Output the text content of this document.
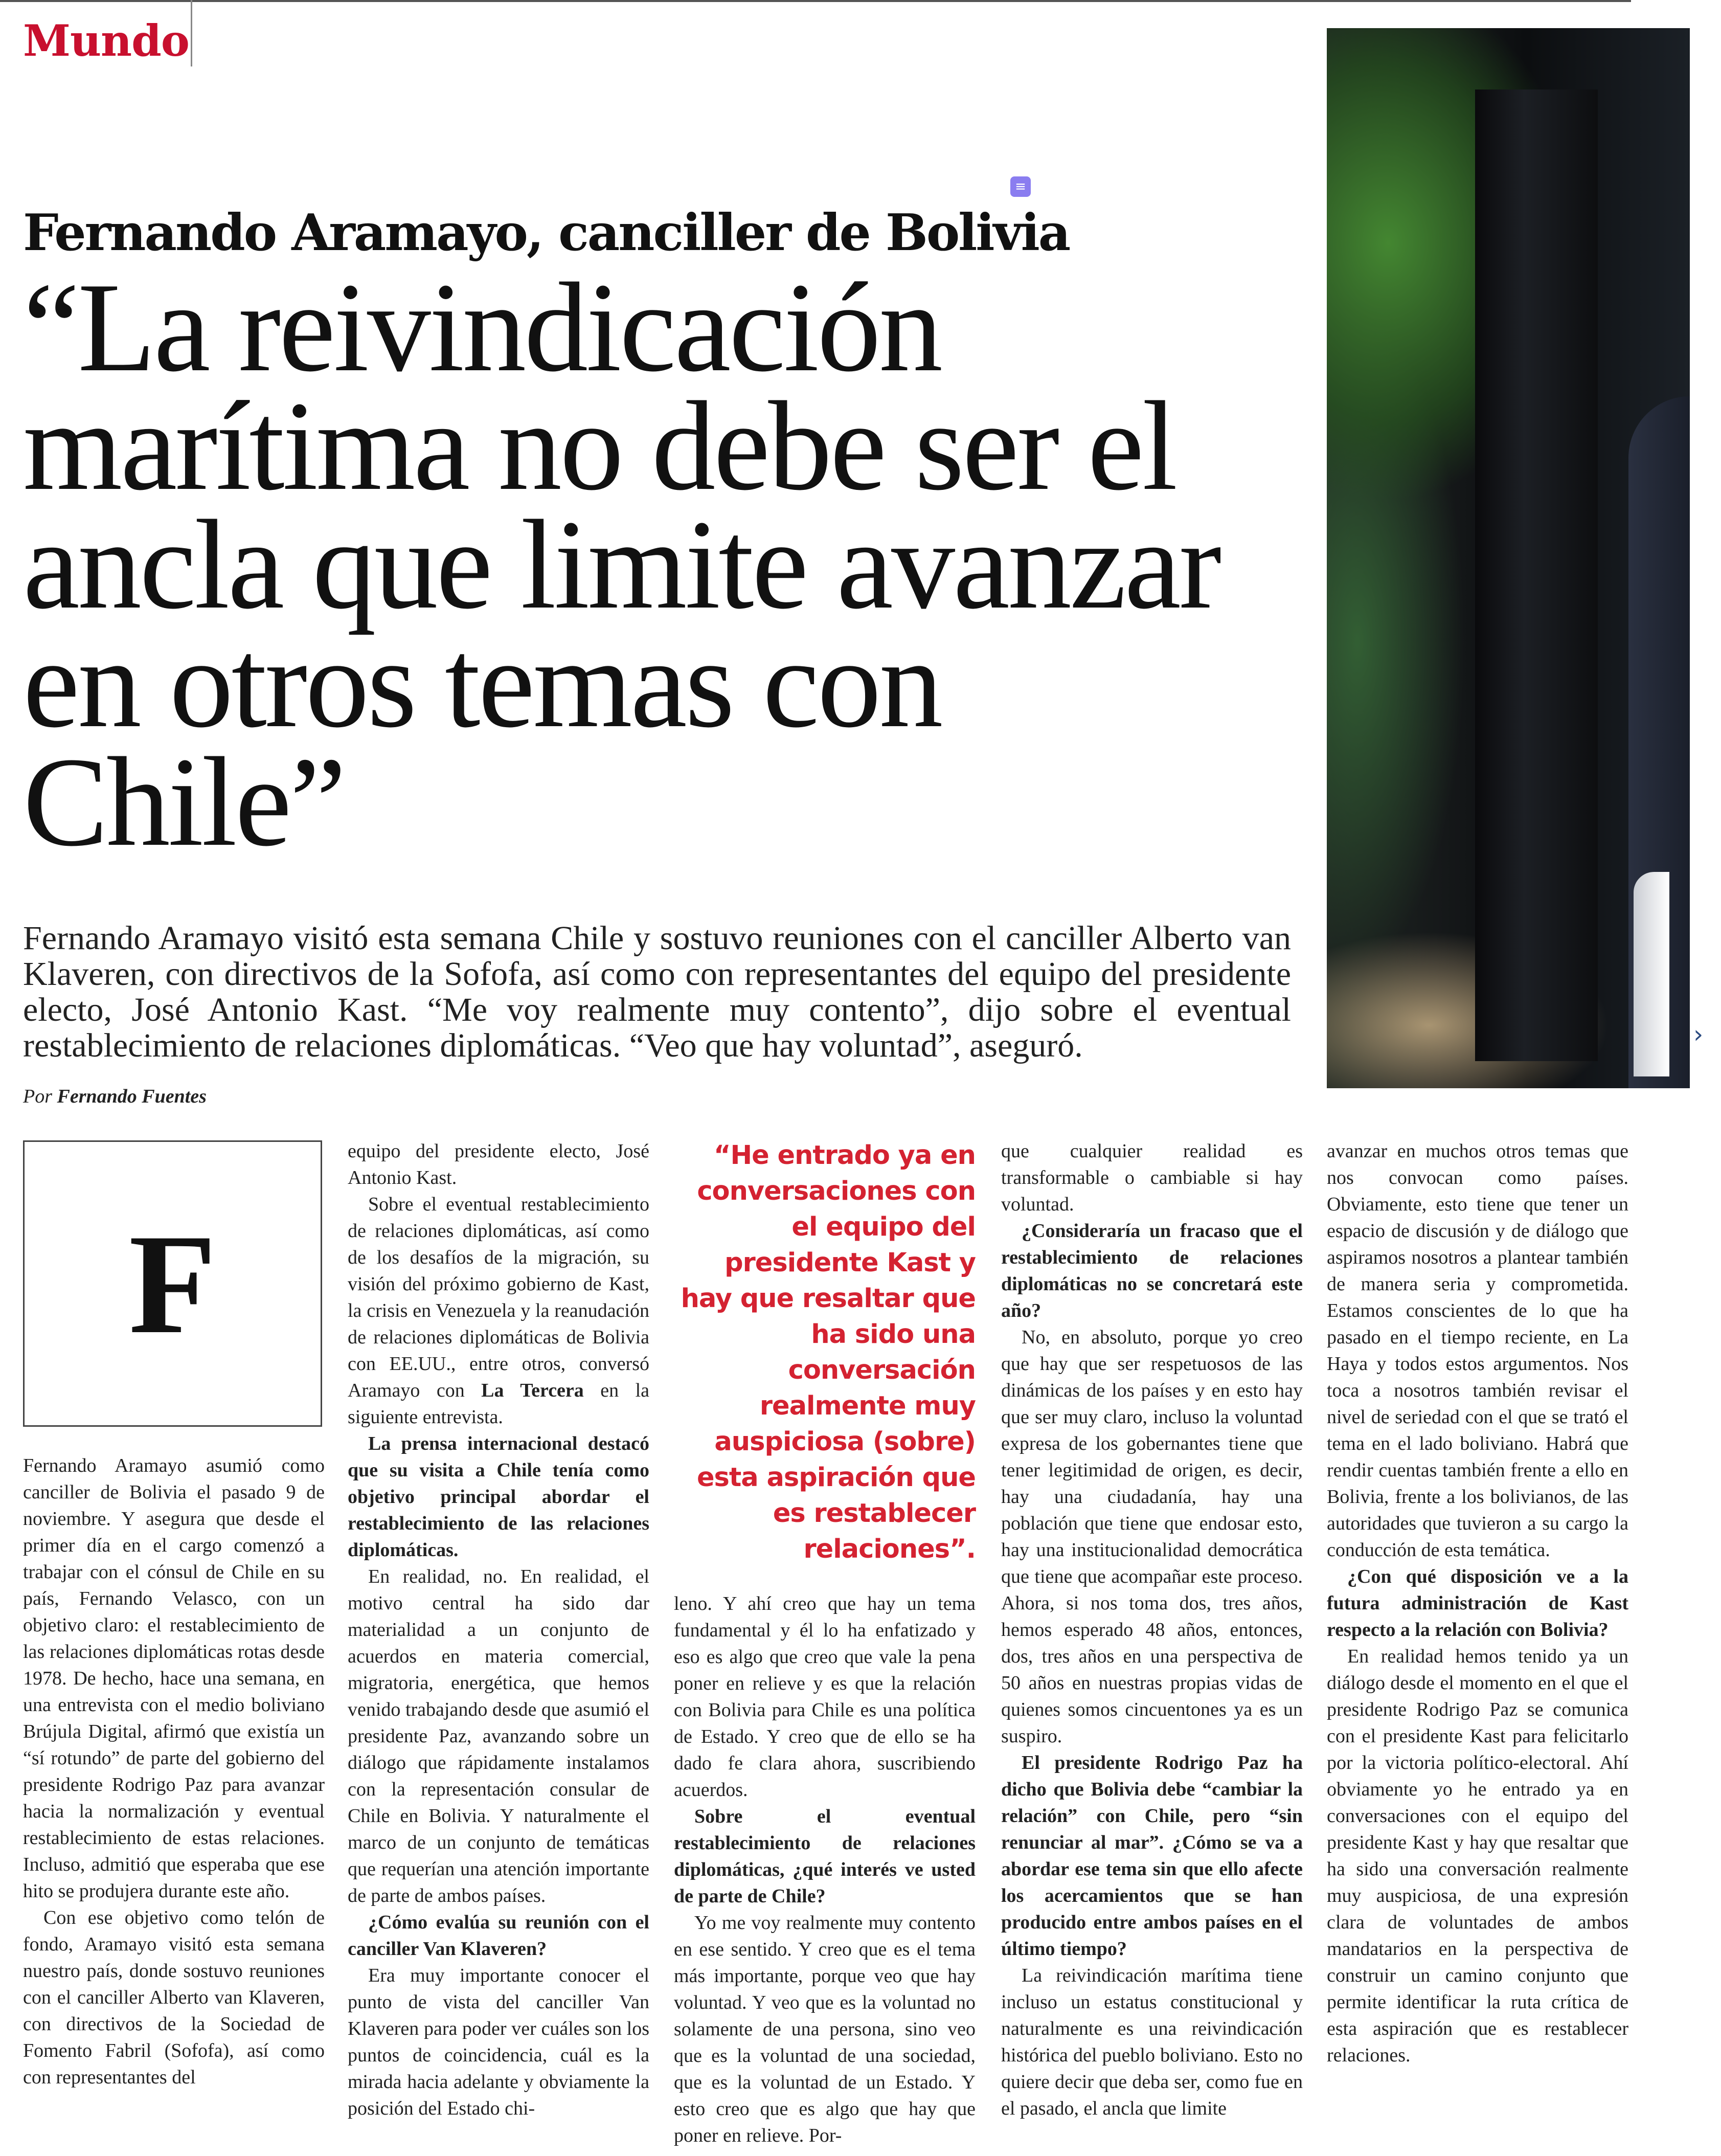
Mundo
≡
Fernando Aramayo, canciller de Bolivia
“La reivindicación marítima no debe ser el ancla que limite avanzar en otros temas con Chile”
Fernando Aramayo visitó esta semana Chile y sostuvo reuniones con el canciller Alberto van Klaveren, con directivos de la Sofofa, así como con representantes del equipo del presidente electo, José Antonio Kast. “Me voy realmente muy contento”, dijo sobre el eventual restablecimiento de relaciones diplomáticas. “Veo que hay voluntad”, aseguró.
Por Fernando Fuentes
›
F

Fernando Aramayo asumió como canciller de Bolivia el pasado 9 de noviembre. Y asegura que desde el primer día en el cargo comenzó a trabajar con el cónsul de Chile en su país, Fernando Velasco, con un objetivo claro: el restablecimiento de las relaciones diplomáticas rotas desde 1978. De hecho, hace una semana, en una entrevista con el medio boliviano Brújula Digital, afirmó que existía un “sí rotundo” de parte del gobierno del presidente Rodrigo Paz para avanzar hacia la normalización y eventual restablecimiento de estas relaciones. Incluso, admitió que esperaba que ese hito se produjera durante este año.

Con ese objetivo como telón de fondo, Aramayo visitó esta semana nuestro país, donde sostuvo reuniones con el canciller Alberto van Klaveren, con directivos de la Sociedad de Fomento Fabril (Sofofa), así como con representantes del

equipo del presidente electo, José Antonio Kast.

Sobre el eventual restablecimiento de relaciones diplomáticas, así como de los desafíos de la migración, su visión del próximo gobierno de Kast, la crisis en Venezuela y la reanudación de relaciones diplomáticas de Bolivia con EE.UU., entre otros, conversó Aramayo con La Tercera en la siguiente entrevista.

La prensa internacional destacó que su visita a Chile tenía como objetivo principal abordar el restablecimiento de las relaciones diplomáticas.

En realidad, no. En realidad, el motivo central ha sido dar materialidad a un conjunto de acuerdos en materia comercial, migratoria, energética, que hemos venido trabajando desde que asumió el presidente Paz, avanzando sobre un diálogo que rápidamente instalamos con la representación consular de Chile en Bolivia. Y naturalmente el marco de un conjunto de temáticas que requerían una atención importante de parte de ambos países.

¿Cómo evalúa su reunión con el canciller Van Klaveren?

Era muy importante conocer el punto de vista del canciller Van Klaveren para poder ver cuáles son los puntos de coincidencia, cuál es la mirada hacia adelante y obviamente la posición del Estado chi-

“He entrado ya en conversaciones con el equipo del presidente Kast y hay que resaltar que ha sido una conversación realmente muy auspiciosa (sobre) esta aspiración que es restablecer relaciones”.

leno. Y ahí creo que hay un tema fundamental y él lo ha enfatizado y eso es algo que creo que vale la pena poner en relieve y es que la relación con Bolivia para Chile es una política de Estado. Y creo que de ello se ha dado fe clara ahora, suscribiendo acuerdos.

Sobre el eventual restablecimiento de relaciones diplomáticas, ¿qué interés ve usted de parte de Chile?

Yo me voy realmente muy contento en ese sentido. Y creo que es el tema más importante, porque veo que hay voluntad. Y veo que es la voluntad no solamente de una persona, sino veo que es la voluntad de una sociedad, que es la voluntad de un Estado. Y esto creo que es algo que hay que poner en relieve. Por-

que cualquier realidad es transformable o cambiable si hay voluntad.

¿Consideraría un fracaso que el restablecimiento de relaciones diplomáticas no se concretará este año?

No, en absoluto, porque yo creo que hay que ser respetuosos de las dinámicas de los países y en esto hay que ser muy claro, incluso la voluntad expresa de los gobernantes tiene que tener legitimidad de origen, es decir, hay una ciudadanía, hay una población que tiene que endosar esto, hay una institucionalidad democrática que tiene que acompañar este proceso. Ahora, si nos toma dos, tres años, hemos esperado 48 años, entonces, dos, tres años en una perspectiva de 50 años en nuestras propias vidas de quienes somos cincuentones ya es un suspiro.

El presidente Rodrigo Paz ha dicho que Bolivia debe “cambiar la relación” con Chile, pero “sin renunciar al mar”. ¿Cómo se va a abordar ese tema sin que ello afecte los acercamientos que se han producido entre ambos países en el último tiempo?

La reivindicación marítima tiene incluso un estatus constitucional y naturalmente es una reivindicación histórica del pueblo boliviano. Esto no quiere decir que deba ser, como fue en el pasado, el ancla que limite

avanzar en muchos otros temas que nos convocan como países. Obviamente, esto tiene que tener un espacio de discusión y de diálogo que aspiramos nosotros a plantear también de manera seria y comprometida. Estamos conscientes de lo que ha pasado en el tiempo reciente, en La Haya y todos estos argumentos. Nos toca a nosotros también revisar el nivel de seriedad con el que se trató el tema en el lado boliviano. Habrá que rendir cuentas también frente a ello en Bolivia, frente a los bolivianos, de las autoridades que tuvieron a su cargo la conducción de esta temática.

¿Con qué disposición ve a la futura administración de Kast respecto a la relación con Bolivia?

En realidad hemos tenido ya un diálogo desde el momento en el que el presidente Rodrigo Paz se comunica con el presidente Kast para felicitarlo por la victoria político-electoral. Ahí obviamente yo he entrado ya en conversaciones con el equipo del presidente Kast y hay que resaltar que ha sido una conversación realmente muy auspiciosa, de una expresión clara de voluntades de ambos mandatarios en la perspectiva de construir un camino conjunto que permite identificar la ruta crítica de esta aspiración que es restablecer relaciones.
